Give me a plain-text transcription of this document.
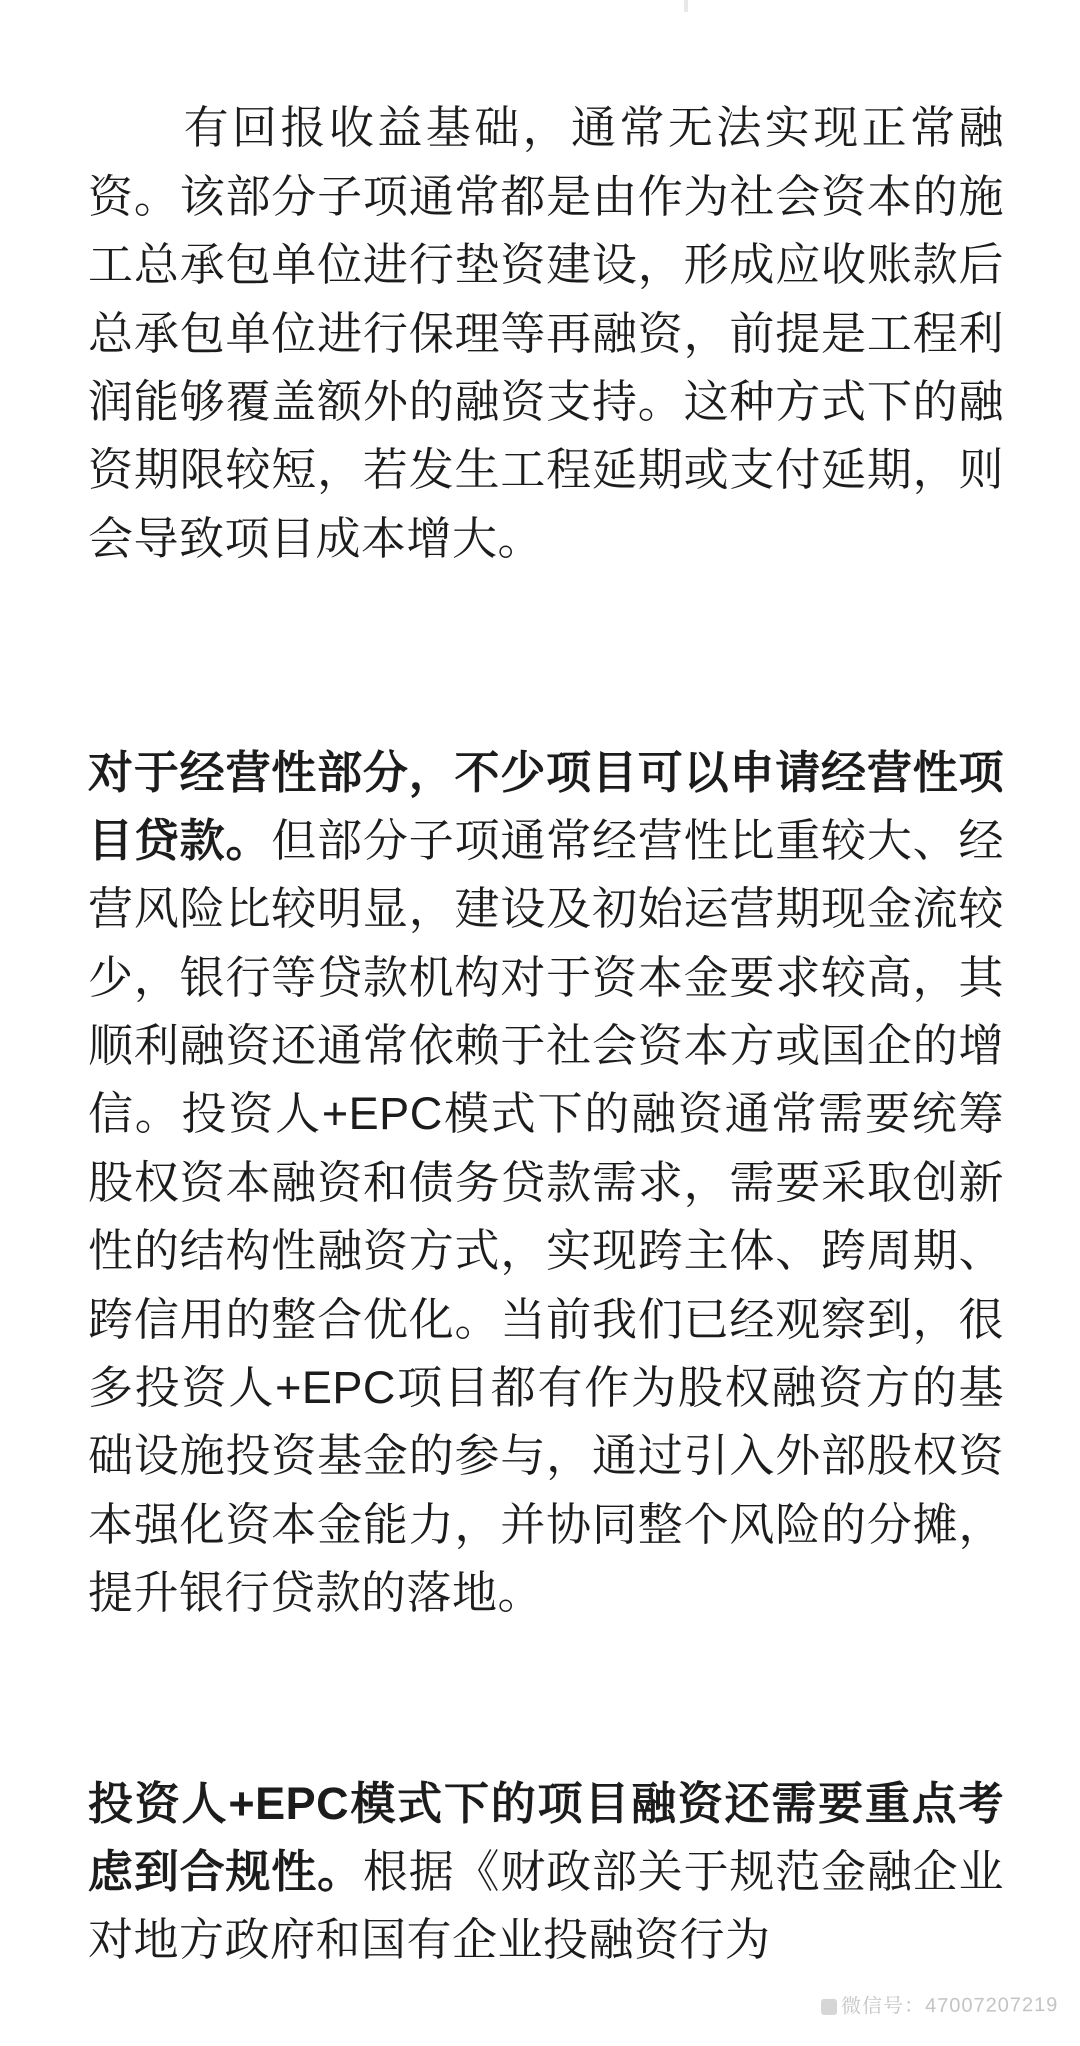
有回报收益基础，通常无法实现正常融资。该部分子项通常都是由作为社会资本的施工总承包单位进行垫资建设，形成应收账款后总承包单位进行保理等再融资，前提是工程利润能够覆盖额外的融资支持。这种方式下的融资期限较短，若发生工程延期或支付延期，则会导致项目成本增大。

对于经营性部分，不少项目可以申请经营性项目贷款。但部分子项通常经营性比重较大、经营风险比较明显，建设及初始运营期现金流较少，银行等贷款机构对于资本金要求较高，其顺利融资还通常依赖于社会资本方或国企的增信。投资人+EPC模式下的融资通常需要统筹股权资本融资和债务贷款需求，需要采取创新性的结构性融资方式，实现跨主体、跨周期、跨信用的整合优化。当前我们已经观察到，很多投资人+EPC项目都有作为股权融资方的基础设施投资基金的参与，通过引入外部股权资本强化资本金能力，并协同整个风险的分摊，提升银行贷款的落地。

投资人+EPC模式下的项目融资还需要重点考虑到合规性。根据《财政部关于规范金融企业对地方政府和国有企业投融资行为

微信号：47007207219
